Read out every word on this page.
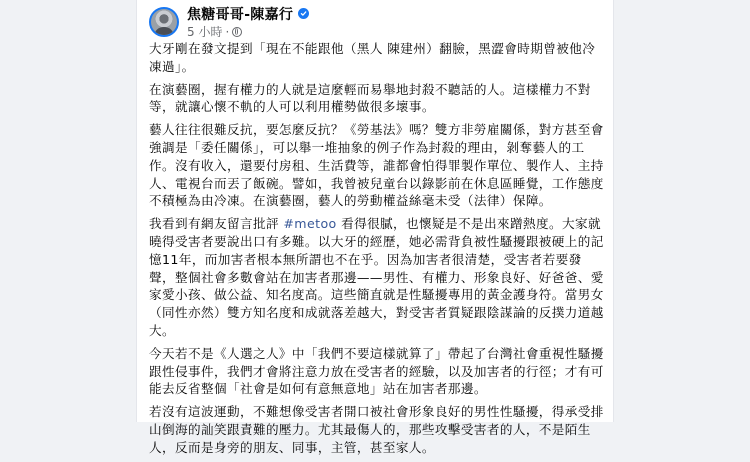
焦糖哥哥-陳嘉行
5 小時 ·

大牙剛在發文提到「現在不能跟他（黑人 陳建州）翻臉，黑澀會時期曾被他冷凍過」。

在演藝圈，握有權力的人就是這麼輕而易舉地封殺不聽話的人。這樣權力不對等，就讓心懷不軌的人可以利用權勢做很多壞事。

藝人往往很難反抗，要怎麼反抗？《勞基法》嗎？雙方非勞雇關係，對方甚至會強調是「委任關係」，可以舉一堆抽象的例子作為封殺的理由，剝奪藝人的工作。沒有收入，還要付房租、生活費等，誰都會怕得罪製作單位、製作人、主持人、電視台而丟了飯碗。譬如，我曾被兒童台以錄影前在休息區睡覺，工作態度不積極為由冷凍。在演藝圈，藝人的勞動權益絲毫未受（法律）保障。

我看到有網友留言批評 #metoo 看得很膩，也懷疑是不是出來蹭熱度。大家就曉得受害者要說出口有多難。以大牙的經歷，她必需背負被性騷擾跟被硬上的記憶11年，而加害者根本無所謂也不在乎。因為加害者很清楚，受害者若要發聲，整個社會多數會站在加害者那邊——男性、有權力、形象良好、好爸爸、愛家愛小孩、做公益、知名度高。這些簡直就是性騷擾專用的黃金護身符。當男女（同性亦然）雙方知名度和成就落差越大，對受害者質疑跟陰謀論的反撲力道越大。

今天若不是《人選之人》中「我們不要這樣就算了」帶起了台灣社會重視性騷擾跟性侵事件，我們才會將注意力放在受害者的經驗，以及加害者的行徑；才有可能去反省整個「社會是如何有意無意地」站在加害者那邊。

若沒有這波運動，不難想像受害者開口被社會形象良好的男性性騷擾，得承受排山倒海的訕笑跟責難的壓力。尤其最傷人的，那些攻擊受害者的人，不是陌生人，反而是身旁的朋友、同事，主管，甚至家人。
